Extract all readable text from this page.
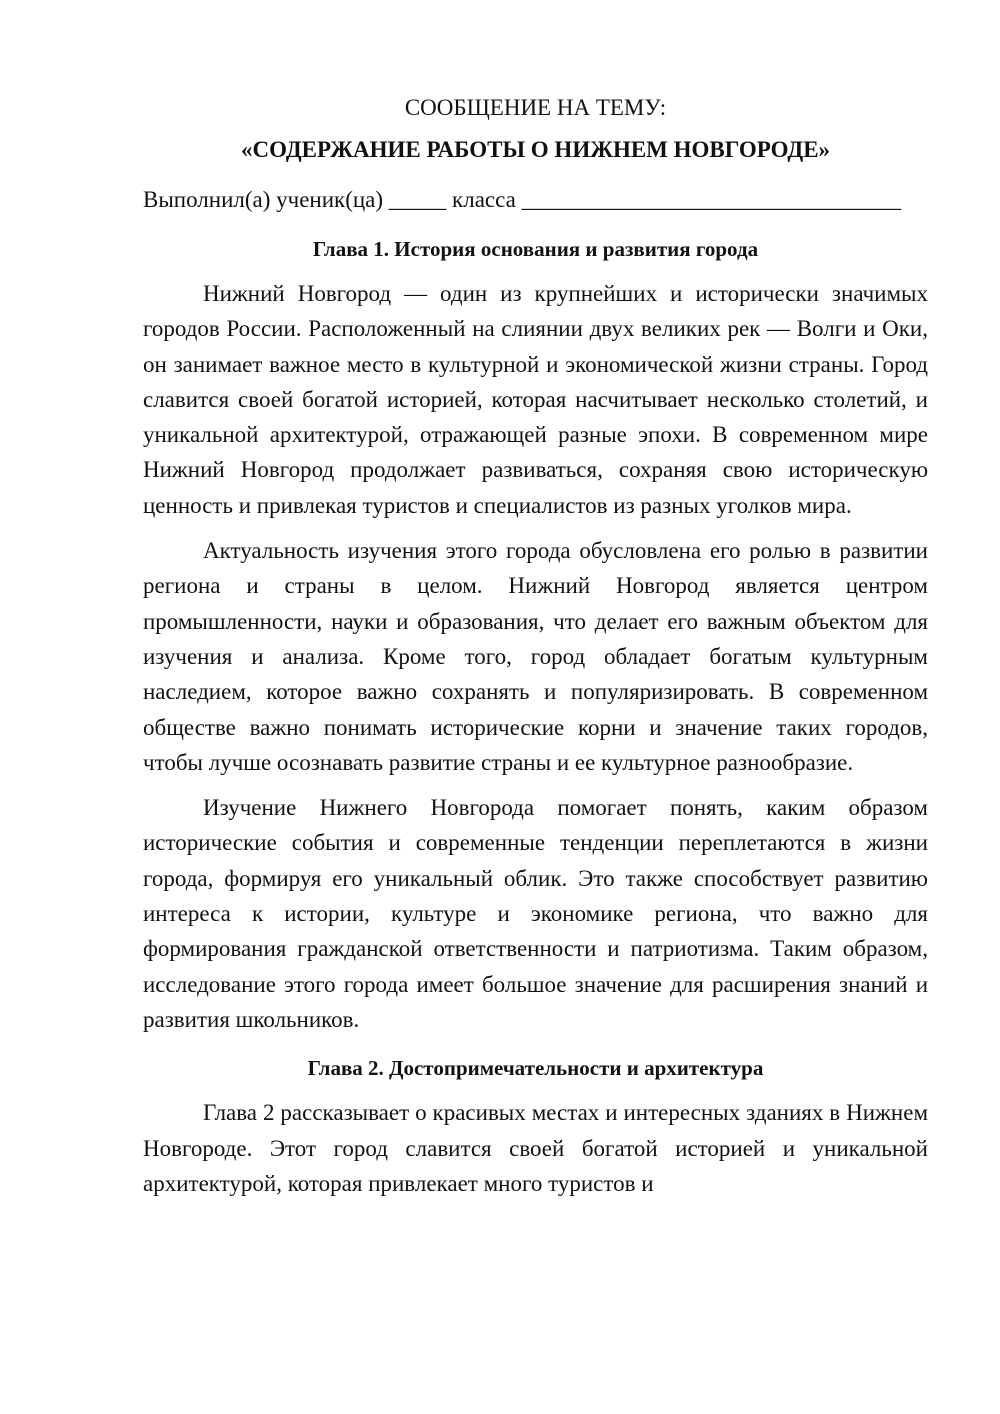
СООБЩЕНИЕ НА ТЕМУ:
«СОДЕРЖАНИЕ РАБОТЫ О НИЖНЕМ НОВГОРОДЕ»

Выполнил(а) ученик(ца) _____ класса _________________________________

Глава 1. История основания и развития города

Нижний Новгород — один из крупнейших и исторически значимых городов России. Расположенный на слиянии двух великих рек — Волги и Оки, он занимает важное место в культурной и экономической жизни страны. Город славится своей богатой историей, которая насчитывает несколько столетий, и уникальной архитектурой, отражающей разные эпохи. В современном мире Нижний Новгород продолжает развиваться, сохраняя свою историческую ценность и привлекая туристов и специалистов из разных уголков мира.

Актуальность изучения этого города обусловлена его ролью в развитии региона и страны в целом. Нижний Новгород является центром промышленности, науки и образования, что делает его важным объектом для изучения и анализа. Кроме того, город обладает богатым культурным наследием, которое важно сохранять и популяризировать. В современном обществе важно понимать исторические корни и значение таких городов, чтобы лучше осознавать развитие страны и ее культурное разнообразие.

Изучение Нижнего Новгорода помогает понять, каким образом исторические события и современные тенденции переплетаются в жизни города, формируя его уникальный облик. Это также способствует развитию интереса к истории, культуре и экономике региона, что важно для формирования гражданской ответственности и патриотизма. Таким образом, исследование этого города имеет большое значение для расширения знаний и развития школьников.

Глава 2. Достопримечательности и архитектура

Глава 2 рассказывает о красивых местах и интересных зданиях в Нижнем Новгороде. Этот город славится своей богатой историей и уникальной архитектурой, которая привлекает много туристов и
